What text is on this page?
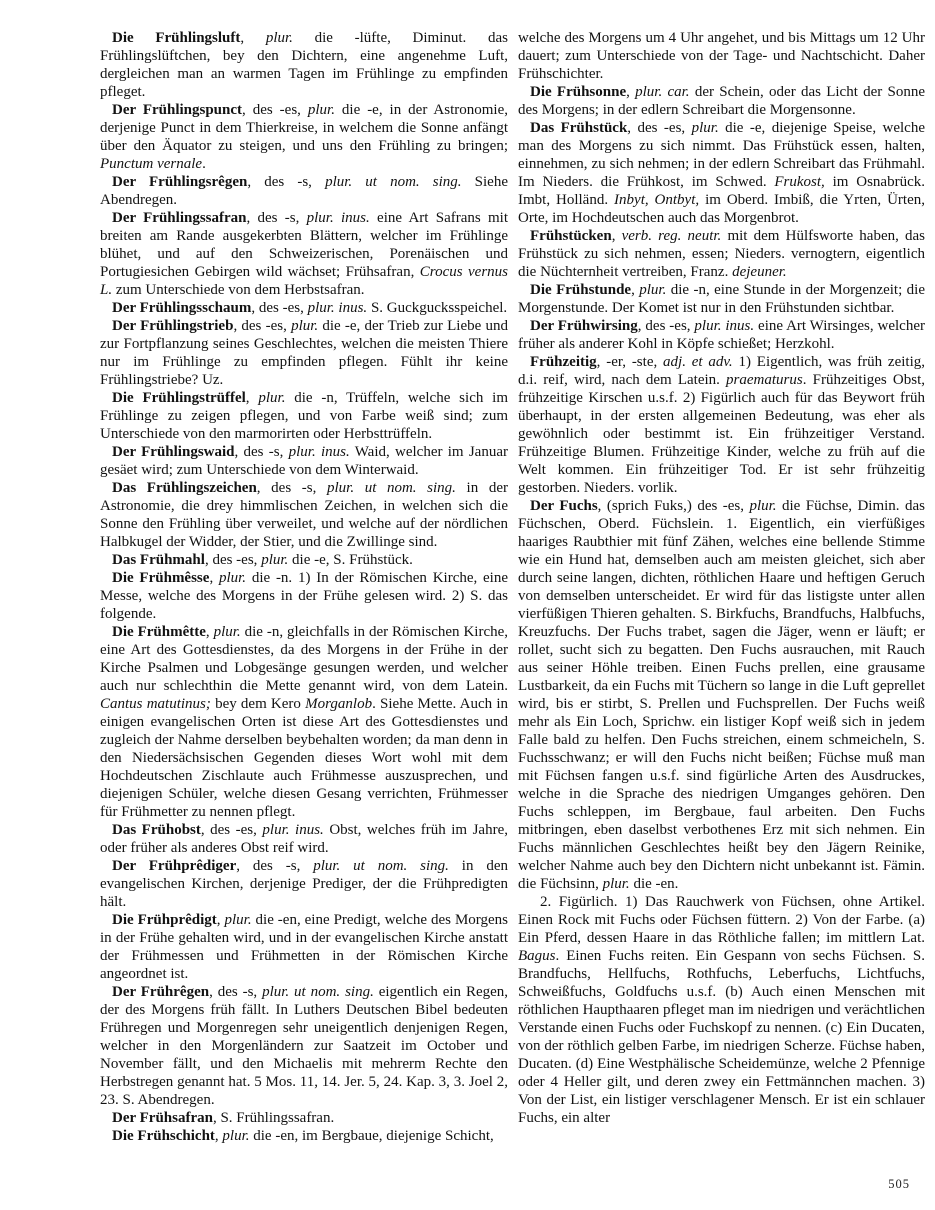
Die Frühlingsluft, plur. die -lüfte, Diminut. das Frühlingslüftchen, bey den Dichtern, eine angenehme Luft, dergleichen man an warmen Tagen im Frühlinge zu empfinden pfleget.

Der Frühlingspunct, des -es, plur. die -e, in der Astronomie, derjenige Punct in dem Thierkreise, in welchem die Sonne anfängt über den Äquator zu steigen, und uns den Frühling zu bringen; Punctum vernale.

Der Frühlingsrêgen, des -s, plur. ut nom. sing. Siehe Abendregen.

Der Frühlingssafran, des -s, plur. inus. eine Art Safrans mit breiten am Rande ausgekerbten Blättern, welcher im Frühlinge blühet, und auf den Schweizerischen, Porenäischen und Portugiesichen Gebirgen wild wächset; Frühsafran, Crocus vernus L. zum Unterschiede von dem Herbstsafran.

Der Frühlingsschaum, des -es, plur. inus. S. Guckgucksspeichel.

Der Frühlingstrieb, des -es, plur. die -e, der Trieb zur Liebe und zur Fortpflanzung seines Geschlechtes, welchen die meisten Thiere nur im Frühlinge zu empfinden pflegen. Fühlt ihr keine Frühlingstriebe? Uz.

Die Frühlingstrüffel, plur. die -n, Trüffeln, welche sich im Frühlinge zu zeigen pflegen, und von Farbe weiß sind; zum Unterschiede von den marmorirten oder Herbsttrüffeln.

Der Frühlingswaid, des -s, plur. inus. Waid, welcher im Januar gesäet wird; zum Unterschiede von dem Winterwaid.

Das Frühlingszeichen, des -s, plur. ut nom. sing. in der Astronomie, die drey himmlischen Zeichen, in welchen sich die Sonne den Frühling über verweilet, und welche auf der nördlichen Halbkugel der Widder, der Stier, und die Zwillinge sind.

Das Frühmahl, des -es, plur. die -e, S. Frühstück.

Die Frühmêsse, plur. die -n. 1) In der Römischen Kirche, eine Messe, welche des Morgens in der Frühe gelesen wird. 2) S. das folgende.

Die Frühmêtte, plur. die -n, gleichfalls in der Römischen Kirche, eine Art des Gottesdienstes, da des Morgens in der Frühe in der Kirche Psalmen und Lobgesänge gesungen werden, und welcher auch nur schlechthin die Mette genannt wird, von dem Latein. Cantus matutinus; bey dem Kero Morganlob. Siehe Mette. Auch in einigen evangelischen Orten ist diese Art des Gottesdienstes und zugleich der Nahme derselben beybehalten worden; da man denn in den Niedersächsischen Gegenden dieses Wort wohl mit dem Hochdeutschen Zischlaute auch Frühmesse auszusprechen, und diejenigen Schüler, welche diesen Gesang verrichten, Frühmesser für Frühmetter zu nennen pflegt.

Das Frühobst, des -es, plur. inus. Obst, welches früh im Jahre, oder früher als anderes Obst reif wird.

Der Frühprêdiger, des -s, plur. ut nom. sing. in den evangelischen Kirchen, derjenige Prediger, der die Frühpredigten hält.

Die Frühprêdigt, plur. die -en, eine Predigt, welche des Morgens in der Frühe gehalten wird, und in der evangelischen Kirche anstatt der Frühmessen und Frühmetten in der Römischen Kirche angeordnet ist.

Der Frührêgen, des -s, plur. ut nom. sing. eigentlich ein Regen, der des Morgens früh fällt. In Luthers Deutschen Bibel bedeuten Frühregen und Morgenregen sehr uneigentlich denjenigen Regen, welcher in den Morgenländern zur Saatzeit im October und November fällt, und den Michaelis mit mehrerm Rechte den Herbstregen genannt hat. 5 Mos. 11, 14. Jer. 5, 24. Kap. 3, 3. Joel 2, 23. S. Abendregen.

Der Frühsafran, S. Frühlingssafran.

Die Frühschicht, plur. die -en, im Bergbaue, diejenige Schicht,

welche des Morgens um 4 Uhr angehet, und bis Mittags um 12 Uhr dauert; zum Unterschiede von der Tage- und Nachtschicht. Daher Frühschichter.

Die Frühsonne, plur. car. der Schein, oder das Licht der Sonne des Morgens; in der edlern Schreibart die Morgensonne.

Das Frühstück, des -es, plur. die -e, diejenige Speise, welche man des Morgens zu sich nimmt. Das Frühstück essen, halten, einnehmen, zu sich nehmen; in der edlern Schreibart das Frühmahl. Im Nieders. die Frühkost, im Schwed. Frukost, im Osnabrück. Imbt, Holländ. Inbyt, Ontbyt, im Oberd. Imbiß, die Yrten, Ürten, Orte, im Hochdeutschen auch das Morgenbrot.

Frühstücken, verb. reg. neutr. mit dem Hülfsworte haben, das Frühstück zu sich nehmen, essen; Nieders. vernogtern, eigentlich die Nüchternheit vertreiben, Franz. dejeuner.

Die Frühstunde, plur. die -n, eine Stunde in der Morgenzeit; die Morgenstunde. Der Komet ist nur in den Frühstunden sichtbar.

Der Frühwirsing, des -es, plur. inus. eine Art Wirsinges, welcher früher als anderer Kohl in Köpfe schießet; Herzkohl.

Frühzeitig, -er, -ste, adj. et adv. 1) Eigentlich, was früh zeitig, d.i. reif, wird, nach dem Latein. praematurus. Frühzeitiges Obst, frühzeitige Kirschen u.s.f. 2) Figürlich auch für das Beywort früh überhaupt, in der ersten allgemeinen Bedeutung, was eher als gewöhnlich oder bestimmt ist. Ein frühzeitiger Verstand. Frühzeitige Blumen. Frühzeitige Kinder, welche zu früh auf die Welt kommen. Ein frühzeitiger Tod. Er ist sehr frühzeitig gestorben. Nieders. vorlik.

Der Fuchs, (sprich Fuks,) des -es, plur. die Füchse, Dimin. das Füchschen, Oberd. Füchslein. 1. Eigentlich, ein vierfüßiges haariges Raubthier mit fünf Zähen, welches eine bellende Stimme wie ein Hund hat, demselben auch am meisten gleichet, sich aber durch seine langen, dichten, röthlichen Haare und heftigen Geruch von demselben unterscheidet. Er wird für das listigste unter allen vierfüßigen Thieren gehalten. S. Birkfuchs, Brandfuchs, Halbfuchs, Kreuzfuchs. Der Fuchs trabet, sagen die Jäger, wenn er läuft; er rollet, sucht sich zu begatten. Den Fuchs ausrauchen, mit Rauch aus seiner Höhle treiben. Einen Fuchs prellen, eine grausame Lustbarkeit, da ein Fuchs mit Tüchern so lange in die Luft geprellet wird, bis er stirbt, S. Prellen und Fuchsprellen. Der Fuchs weiß mehr als Ein Loch, Sprichw. ein listiger Kopf weiß sich in jedem Falle bald zu helfen. Den Fuchs streichen, einem schmeicheln, S. Fuchsschwanz; er will den Fuchs nicht beißen; Füchse muß man mit Füchsen fangen u.s.f. sind figürliche Arten des Ausdruckes, welche in die Sprache des niedrigen Umganges gehören. Den Fuchs schleppen, im Bergbaue, faul arbeiten. Den Fuchs mitbringen, eben daselbst verbothenes Erz mit sich nehmen. Ein Fuchs männlichen Geschlechtes heißt bey den Jägern Reinike, welcher Nahme auch bey den Dichtern nicht unbekannt ist. Fämin. die Füchsinn, plur. die -en.

2. Figürlich. 1) Das Rauchwerk von Füchsen, ohne Artikel. Einen Rock mit Fuchs oder Füchsen füttern. 2) Von der Farbe. (a) Ein Pferd, dessen Haare in das Röthliche fallen; im mittlern Lat. Bagus. Einen Fuchs reiten. Ein Gespann von sechs Füchsen. S. Brandfuchs, Hellfuchs, Rothfuchs, Leberfuchs, Lichtfuchs, Schweißfuchs, Goldfuchs u.s.f. (b) Auch einen Menschen mit röthlichen Haupthaaren pfleget man im niedrigen und verächtlichen Verstande einen Fuchs oder Fuchskopf zu nennen. (c) Ein Ducaten, von der röthlich gelben Farbe, im niedrigen Scherze. Füchse haben, Ducaten. (d) Eine Westphälische Scheidemünze, welche 2 Pfennige oder 4 Heller gilt, und deren zwey ein Fettmännchen machen. 3) Von der List, ein listiger verschlagener Mensch. Er ist ein schlauer Fuchs, ein alter

505
